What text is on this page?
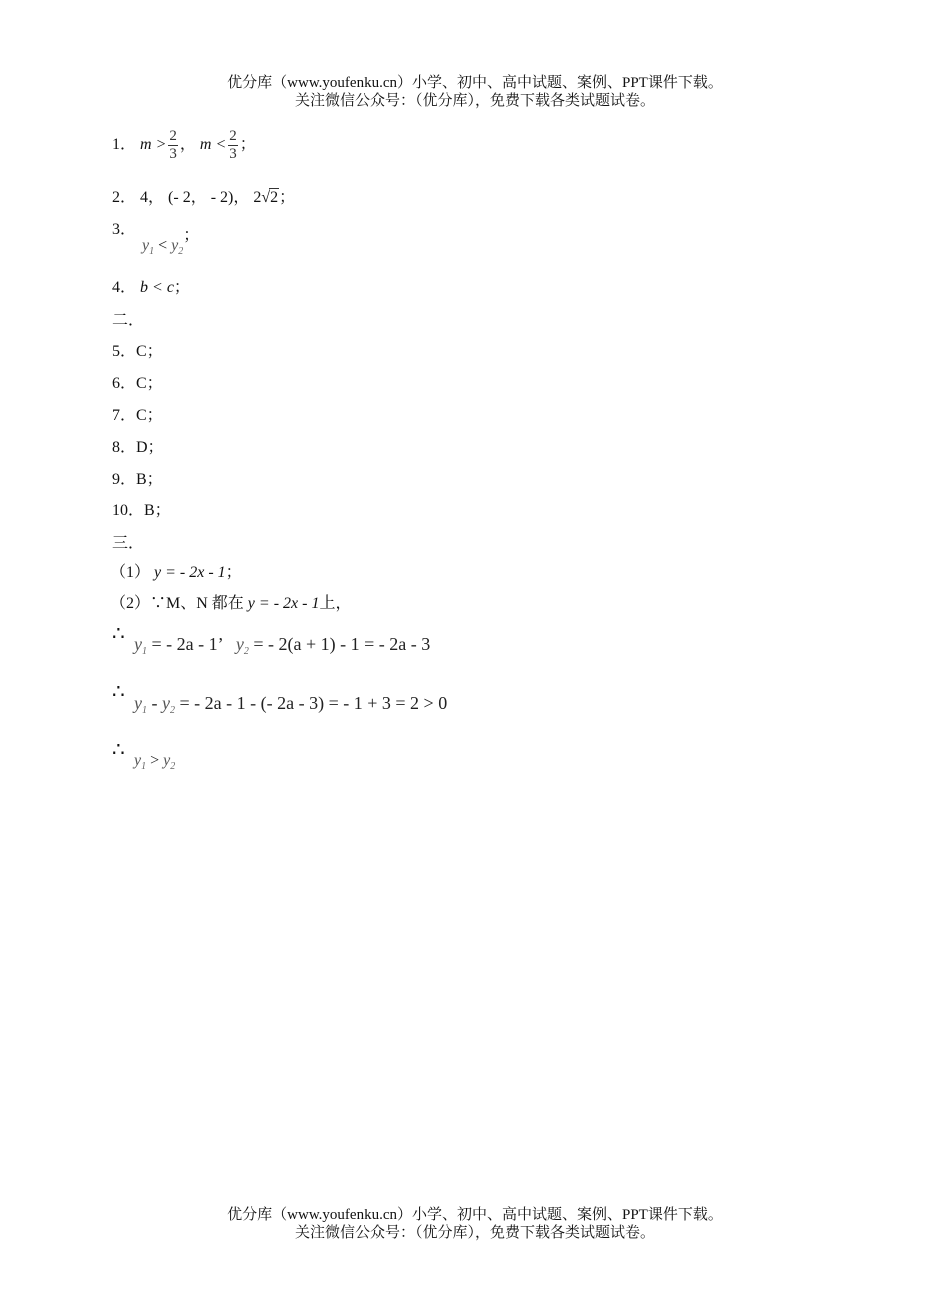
优分库（www.youfenku.cn）小学、初中、高中试题、案例、PPT课件下载。
关注微信公众号：（优分库），免费下载各类试题试卷。
1． $m > \frac{2}{3}$ ， $m < \frac{2}{3}$ ；
2． 4， (- 2， - 2)， 2√2；
3．
$y_1 < y_2$；
4． b < c；
二．
5．C；
6．C；
7．C；
8．D；
9．B；
10．B；
三．
（1） y = - 2x - 1；
（2）∵M、N 都在 y = - 2x - 1上，
∴ $y_1$ = - 2a - 1’ $y_2$ = - 2(a + 1) - 1 = - 2a - 3
∴ $y_1 - y_2$ = - 2a - 1 - (- 2a - 3) = - 1 + 3 = 2 > 0
∴ $y_1 > y_2$
优分库（www.youfenku.cn）小学、初中、高中试题、案例、PPT课件下载。
关注微信公众号：（优分库），免费下载各类试题试卷。
